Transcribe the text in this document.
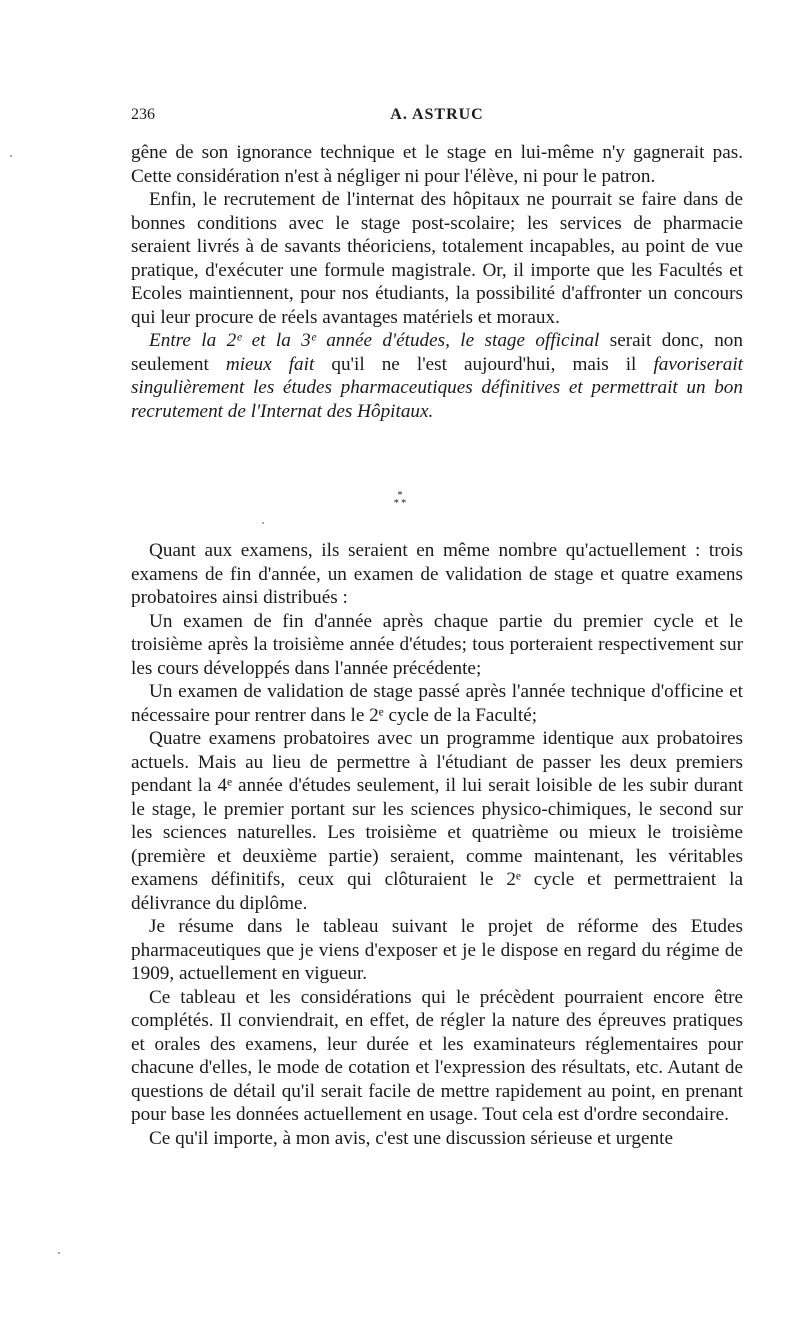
236	A. ASTRUC

gêne de son ignorance technique et le stage en lui-même n'y gagnerait pas. Cette considération n'est à négliger ni pour l'élève, ni pour le patron.

Enfin, le recrutement de l'internat des hôpitaux ne pourrait se faire dans de bonnes conditions avec le stage post-scolaire; les services de pharmacie seraient livrés à de savants théoriciens, totalement incapables, au point de vue pratique, d'exécuter une formule magistrale. Or, il importe que les Facultés et Ecoles maintiennent, pour nos étudiants, la possibilité d'affronter un concours qui leur procure de réels avantages matériels et moraux.

Entre la 2ᵉ et la 3ᵉ année d'études, le stage officinal serait donc, non seulement mieux fait qu'il ne l'est aujourd'hui, mais il favoriserait singulièrement les études pharmaceutiques définitives et permettrait un bon recrutement de l'Internat des Hôpitaux.

*
* *

Quant aux examens, ils seraient en même nombre qu'actuellement : trois examens de fin d'année, un examen de validation de stage et quatre examens probatoires ainsi distribués :

Un examen de fin d'année après chaque partie du premier cycle et le troisième après la troisième année d'études; tous porteraient respectivement sur les cours développés dans l'année précédente;

Un examen de validation de stage passé après l'année technique d'officine et nécessaire pour rentrer dans le 2ᵉ cycle de la Faculté;

Quatre examens probatoires avec un programme identique aux probatoires actuels. Mais au lieu de permettre à l'étudiant de passer les deux premiers pendant la 4ᵉ année d'études seulement, il lui serait loisible de les subir durant le stage, le premier portant sur les sciences physico-chimiques, le second sur les sciences naturelles. Les troisième et quatrième ou mieux le troisième (première et deuxième partie) seraient, comme maintenant, les véritables examens définitifs, ceux qui clôturaient le 2ᵉ cycle et permettraient la délivrance du diplôme.

Je résume dans le tableau suivant le projet de réforme des Etudes pharmaceutiques que je viens d'exposer et je le dispose en regard du régime de 1909, actuellement en vigueur.

Ce tableau et les considérations qui le précèdent pourraient encore être complétés. Il conviendrait, en effet, de régler la nature des épreuves pratiques et orales des examens, leur durée et les examinateurs réglementaires pour chacune d'elles, le mode de cotation et l'expression des résultats, etc. Autant de questions de détail qu'il serait facile de mettre rapidement au point, en prenant pour base les données actuellement en usage. Tout cela est d'ordre secondaire.

Ce qu'il importe, à mon avis, c'est une discussion sérieuse et urgente
